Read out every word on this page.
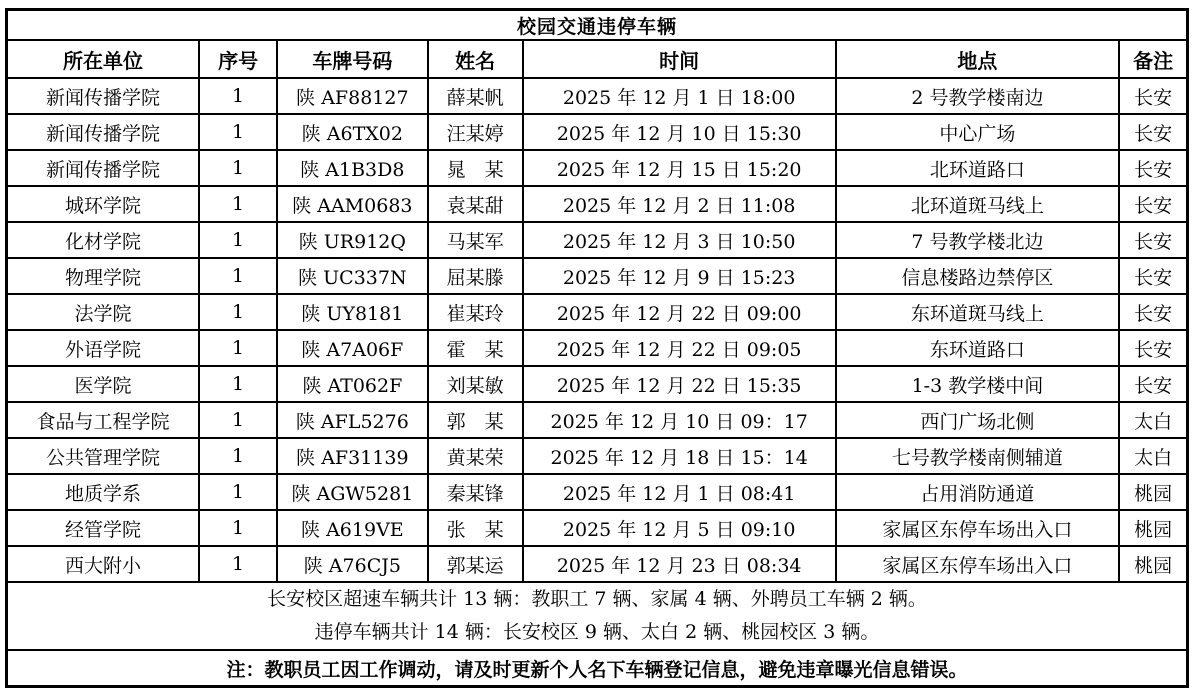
校园交通违停车辆						
所在单位	序号	车牌号码	姓名	时间	地点	备注
新闻传播学院	1	陕 AF88127	薛某帆	2025 年 12 月 1 日 18:00	2 号教学楼南边	长安
新闻传播学院	1	陕 A6TX02	汪某婷	2025 年 12 月 10 日 15:30	中心广场	长安
新闻传播学院	1	陕 A1B3D8	晁　某	2025 年 12 月 15 日 15:20	北环道路口	长安
城环学院	1	陕 AAM0683	袁某甜	2025 年 12 月 2 日 11:08	北环道斑马线上	长安
化材学院	1	陕 UR912Q	马某军	2025 年 12 月 3 日 10:50	7 号教学楼北边	长安
物理学院	1	陕 UC337N	屈某滕	2025 年 12 月 9 日 15:23	信息楼路边禁停区	长安
法学院	1	陕 UY8181	崔某玲	2025 年 12 月 22 日 09:00	东环道斑马线上	长安
外语学院	1	陕 A7A06F	霍　某	2025 年 12 月 22 日 09:05	东环道路口	长安
医学院	1	陕 AT062F	刘某敏	2025 年 12 月 22 日 15:35	1-3 教学楼中间	长安
食品与工程学院	1	陕 AFL5276	郭　某	2025 年 12 月 10 日 09：17	西门广场北侧	太白
公共管理学院	1	陕 AF31139	黄某荣	2025 年 12 月 18 日 15：14	七号教学楼南侧辅道	太白
地质学系	1	陕 AGW5281	秦某锋	2025 年 12 月 1 日 08:41	占用消防通道	桃园
经管学院	1	陕 A619VE	张　某	2025 年 12 月 5 日 09:10	家属区东停车场出入口	桃园
西大附小	1	陕 A76CJ5	郭某运	2025 年 12 月 23 日 08:34	家属区东停车场出入口	桃园

长安校区超速车辆共计 13 辆：教职工 7 辆、家属 4 辆、外聘员工车辆 2 辆。
违停车辆共计 14 辆：长安校区 9 辆、太白 2 辆、桃园校区 3 辆。						

注：教职员工因工作调动，请及时更新个人名下车辆登记信息，避免违章曝光信息错误。						
